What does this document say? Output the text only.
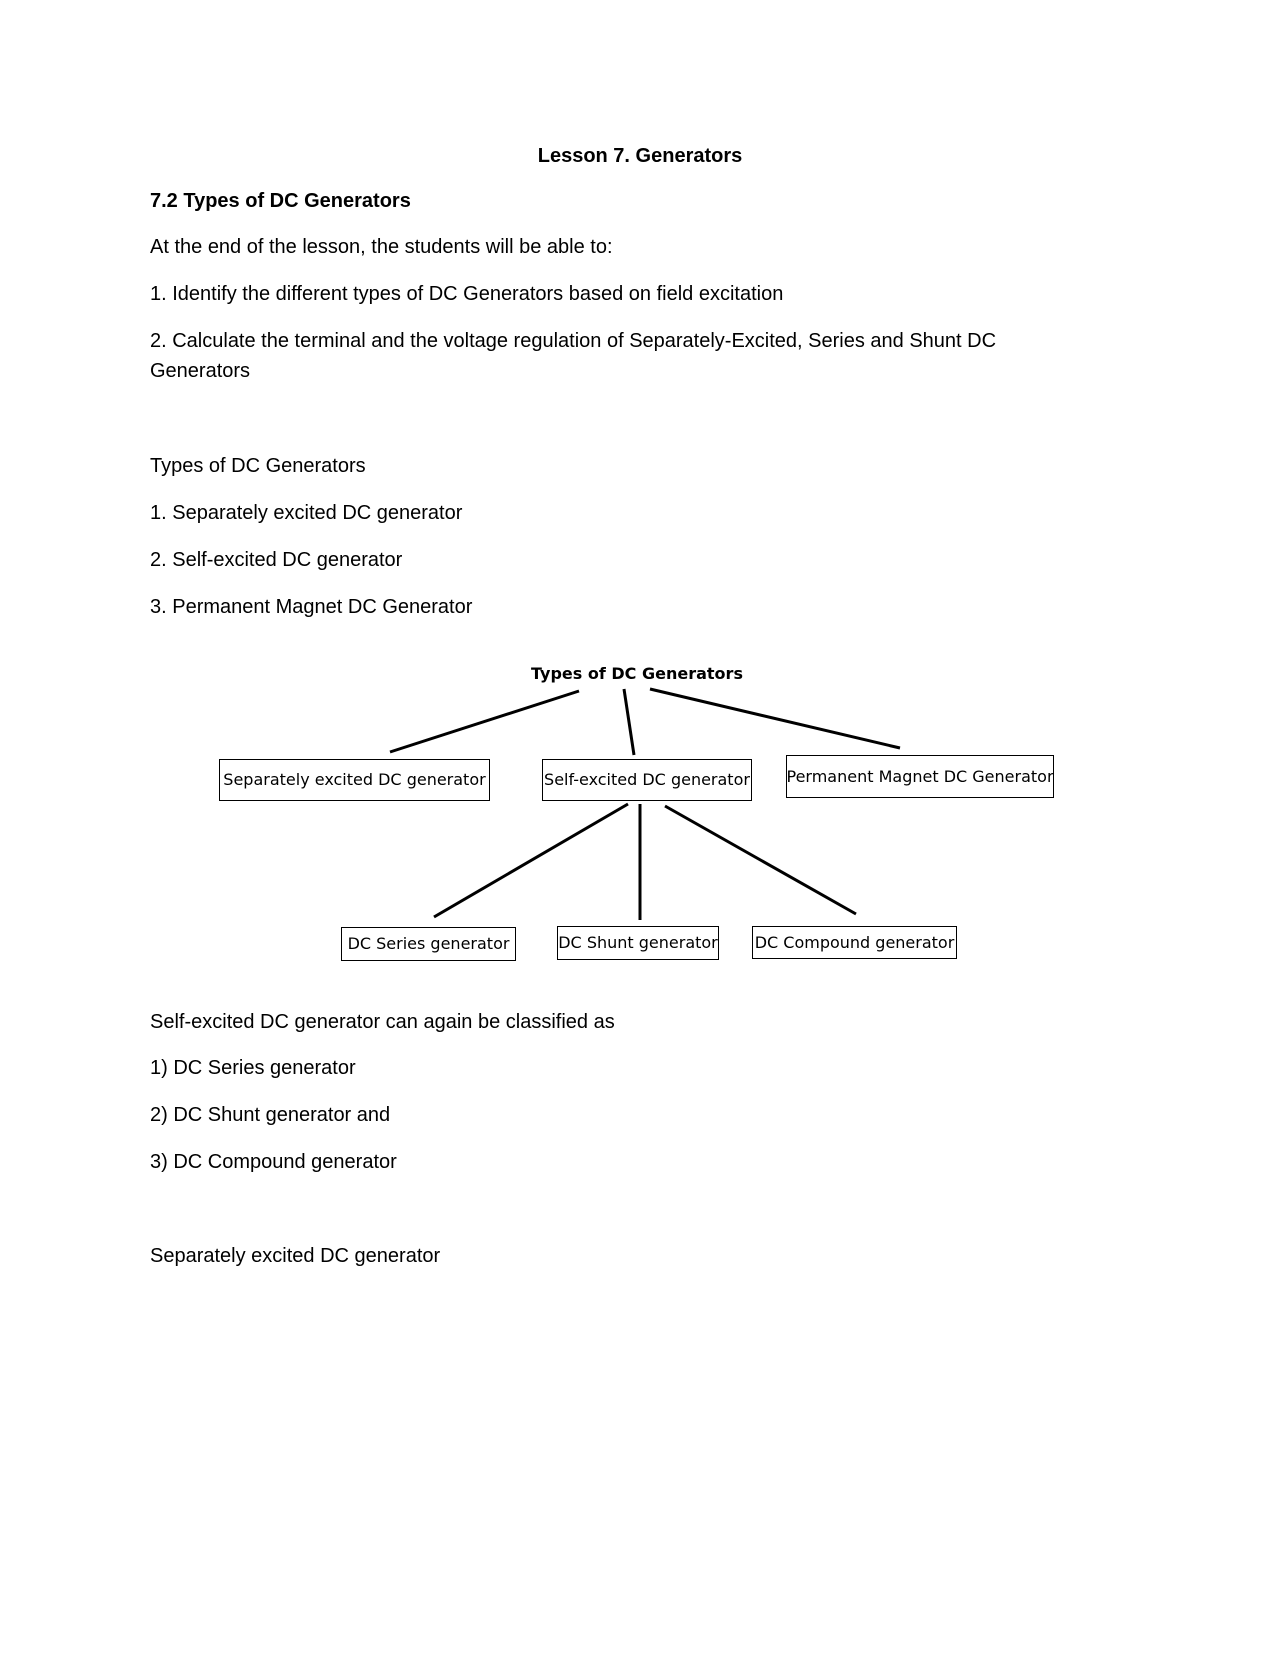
Lesson 7. Generators
7.2 Types of DC Generators
At the end of the lesson, the students will be able to:
1. Identify the different types of DC Generators based on field excitation
2. Calculate the terminal and the voltage regulation of Separately-Excited, Series and Shunt DC Generators
Types of DC Generators
1. Separately excited DC generator
2. Self-excited DC generator
3. Permanent Magnet DC Generator
Types of DC Generators
Separately excited DC generator	Self-excited DC generator Permanent Magnet DC Generator
DC Series generator	DC Shunt generator DC Compound generator
Self-excited DC generator can again be classified as
1) DC Series generator
2) DC Shunt generator and
3) DC Compound generator
Separately excited DC generator
